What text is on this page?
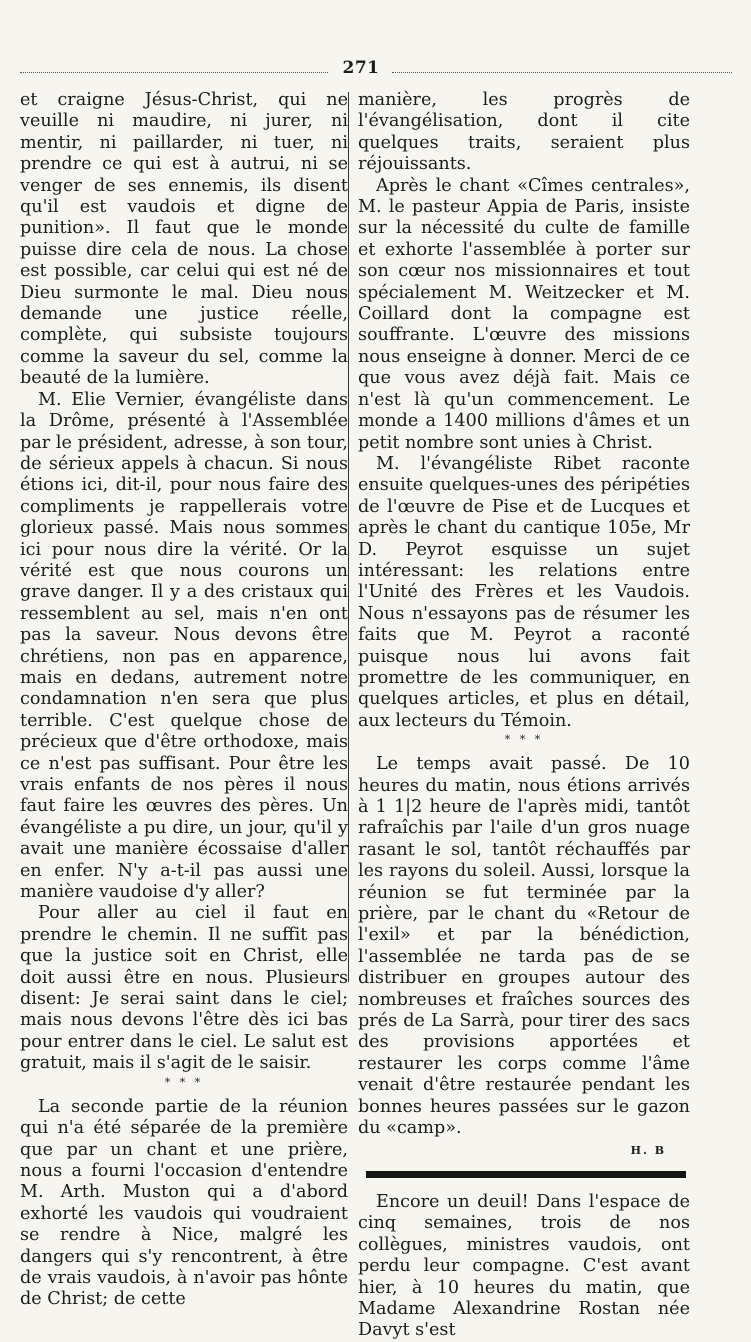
271

et craigne Jésus-Christ, qui ne veuille ni maudire, ni jurer, ni mentir, ni paillarder, ni tuer, ni prendre ce qui est à autrui, ni se venger de ses ennemis, ils disent qu'il est vaudois et digne de punition». Il faut que le monde puisse dire cela de nous. La chose est possible, car celui qui est né de Dieu surmonte le mal. Dieu nous demande une justice réelle, complète, qui subsiste toujours comme la saveur du sel, comme la beauté de la lumière.

M. Elie Vernier, évangéliste dans la Drôme, présenté à l'Assemblée par le président, adresse, à son tour, de sérieux appels à chacun. Si nous étions ici, dit-il, pour nous faire des compliments je rappellerais votre glorieux passé. Mais nous sommes ici pour nous dire la vérité. Or la vérité est que nous courons un grave danger. Il y a des cristaux qui ressemblent au sel, mais n'en ont pas la saveur. Nous devons être chrétiens, non pas en apparence, mais en dedans, autrement notre condamnation n'en sera que plus terrible. C'est quelque chose de précieux que d'être orthodoxe, mais ce n'est pas suffisant. Pour être les vrais enfants de nos pères il nous faut faire les œuvres des pères. Un évangéliste a pu dire, un jour, qu'il y avait une manière écossaise d'aller en enfer. N'y a-t-il pas aussi une manière vaudoise d'y aller?

Pour aller au ciel il faut en prendre le chemin. Il ne suffit pas que la justice soit en Christ, elle doit aussi être en nous. Plusieurs disent: Je serai saint dans le ciel; mais nous devons l'être dès ici bas pour entrer dans le ciel. Le salut est gratuit, mais il s'agit de le saisir.

* * *

La seconde partie de la réunion qui n'a été séparée de la première que par un chant et une prière, nous a fourni l'occasion d'entendre M. Arth. Muston qui a d'abord exhorté les vaudois qui voudraient se rendre à Nice, malgré les dangers qui s'y rencontrent, à être de vrais vaudois, à n'avoir pas hônte de Christ; de cette

manière, les progrès de l'évangélisation, dont il cite quelques traits, seraient plus réjouissants.

Après le chant «Cîmes centrales», M. le pasteur Appia de Paris, insiste sur la nécessité du culte de famille et exhorte l'assemblée à porter sur son cœur nos missionnaires et tout spécialement M. Weitzecker et M. Coillard dont la compagne est souffrante. L'œuvre des missions nous enseigne à donner. Merci de ce que vous avez déjà fait. Mais ce n'est là qu'un commencement. Le monde a 1400 millions d'âmes et un petit nombre sont unies à Christ.

M. l'évangéliste Ribet raconte ensuite quelques-unes des péripéties de l'œuvre de Pise et de Lucques et après le chant du cantique 105e, Mr D. Peyrot esquisse un sujet intéressant: les relations entre l'Unité des Frères et les Vaudois. Nous n'essayons pas de résumer les faits que M. Peyrot a raconté puisque nous lui avons fait promettre de les communiquer, en quelques articles, et plus en détail, aux lecteurs du Témoin.

* * *

Le temps avait passé. De 10 heures du matin, nous étions arrivés à 1 1|2 heure de l'après midi, tantôt rafraîchis par l'aile d'un gros nuage rasant le sol, tantôt réchauffés par les rayons du soleil. Aussi, lorsque la réunion se fut terminée par la prière, par le chant du «Retour de l'exil» et par la bénédiction, l'assemblée ne tarda pas de se distribuer en groupes autour des nombreuses et fraîches sources des prés de La Sarrà, pour tirer des sacs des provisions apportées et restaurer les corps comme l'âme venait d'être restaurée pendant les bonnes heures passées sur le gazon du «camp».

H. B

Encore un deuil! Dans l'espace de cinq semaines, trois de nos collègues, ministres vaudois, ont perdu leur compagne. C'est avant hier, à 10 heures du matin, que Madame Alexandrine Rostan née Davyt s'est
